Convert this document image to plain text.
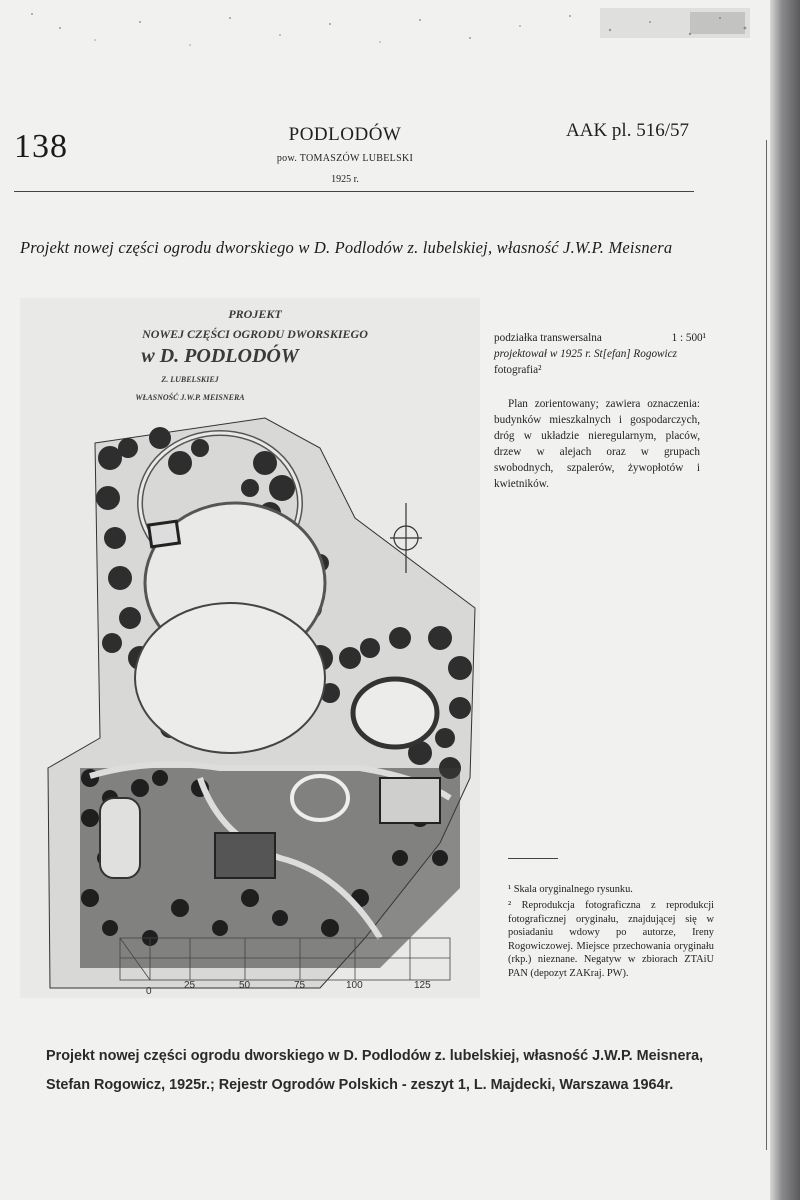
138	PODLODÓW
pow. TOMASZÓW LUBELSKI
1925 r.
AAK pl. 516/57
Projekt nowej części ogrodu dworskiego w D. Podlodów z. lubelskiej, własność J.W.P. Meisnera
PROJEKT
NOWEJ CZĘŚCI OGRODU DWORSKIEGO
w D. PODLODÓW
Z. LUBELSKIEJ
WŁASNOŚĆ J.W.P. MEISNERA
0
25	50	75	100	125
podziałka transwersalna	1 : 500¹
projektował w 1925 r. St[efan] Rogowicz
fotografia²
Plan zorientowany; zawiera oznaczenia: budynków mieszkalnych i gospodarczych, dróg w układzie nieregularnym, placów, drzew w alejach oraz w grupach swobodnych, szpalerów, żywopłotów i kwietników.
¹ Skala oryginalnego rysunku.
² Reprodukcja fotograficzna z reprodukcji fotograficznej oryginału, znajdującej się w posiadaniu wdowy po autorze, Ireny Rogowiczowej. Miejsce przechowania oryginału (rkp.) nieznane. Negatyw w zbiorach ZTAiU PAN (depozyt ZAKraj. PW).
Projekt nowej części ogrodu dworskiego w D. Podlodów z. lubelskiej, własność J.W.P. Meisnera, Stefan Rogowicz, 1925r.; Rejestr Ogrodów Polskich - zeszyt 1, L. Majdecki, Warszawa 1964r.
